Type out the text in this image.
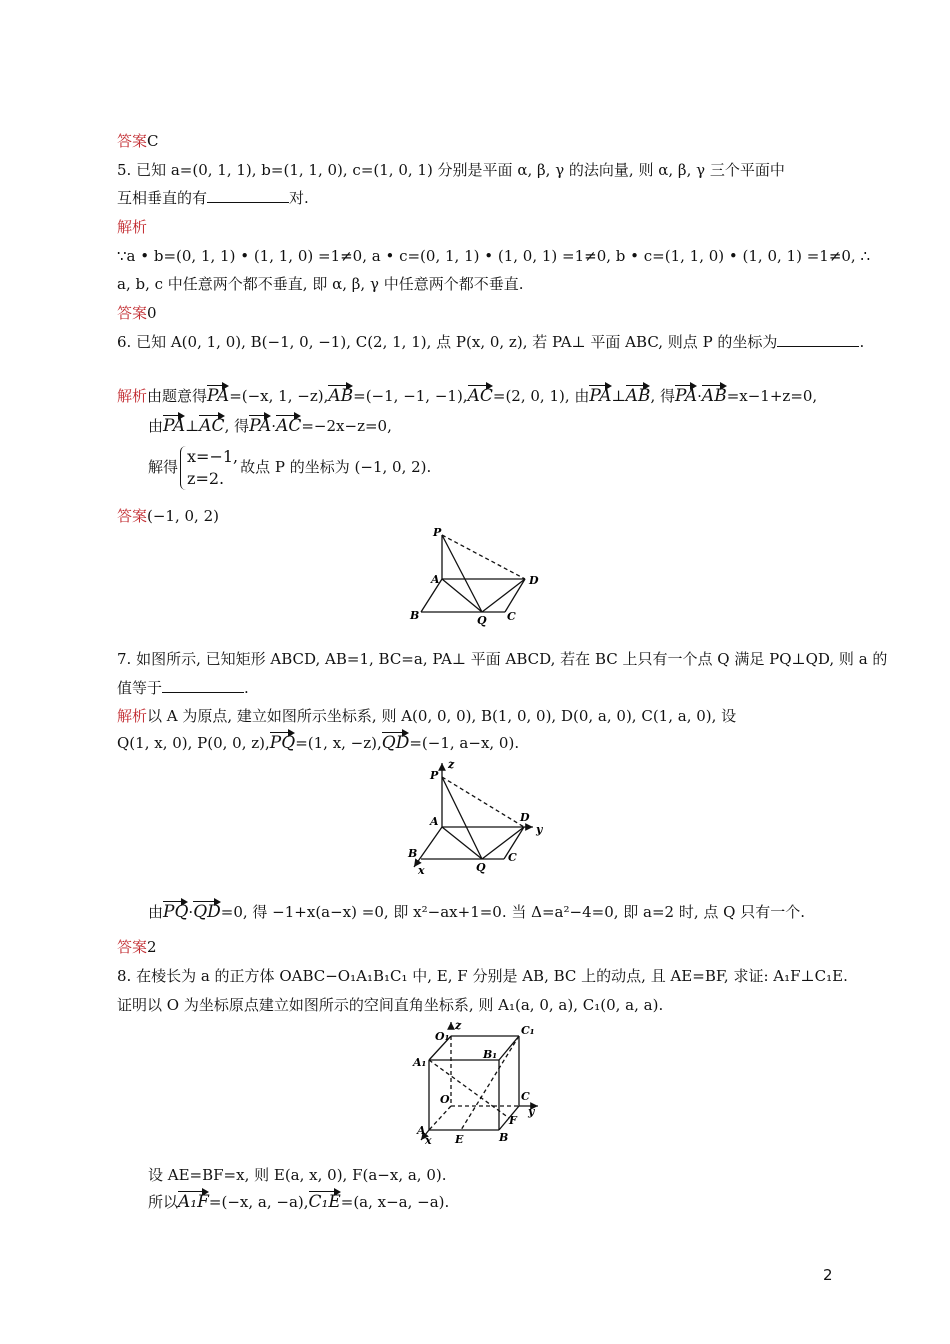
答案C
5. 已知 a=(0, 1, 1), b=(1, 1, 0), c=(1, 0, 1) 分别是平面 α, β, γ 的法向量, 则 α, β, γ 三个平面中
互相垂直的有	对.
解析
∵a • b=(0, 1, 1) • (1, 1, 0) =1≠0, a • c=(0, 1, 1) • (1, 0, 1) =1≠0, b • c=(1, 1, 0) • (1, 0, 1) =1≠0, ∴
a, b, c 中任意两个都不垂直, 即 α, β, γ 中任意两个都不垂直.
答案0
6. 已知 A(0, 1, 0), B(−1, 0, −1), C(2, 1, 1), 点 P(x, 0, z), 若 PA⊥ 平面 ABC, 则点 P 的坐标为	.
解析由题意得PA=(−x, 1, −z),AB=(−1, −1, −1),AC=(2, 0, 1), 由PA⊥AB, 得PA·AB=x−1+z=0,
由PA⊥AC, 得PA·AC=−2x−z=0,
解得
x=−1,
z=2.
故点 P 的坐标为 (−1, 0, 2).
答案(−1, 0, 2)
P
A
B	Q C
D
7. 如图所示, 已知矩形 ABCD, AB=1, BC=a, PA⊥ 平面 ABCD, 若在 BC 上只有一个点 Q 满足 PQ⊥QD, 则 a 的
值等于	.
解析以 A 为原点, 建立如图所示坐标系, 则 A(0, 0, 0), B(1, 0, 0), D(0, a, 0), C(1, a, 0), 设
Q(1, x, 0), P(0, 0, z),PQ=(1, x, −z),QD=(−1, a−x, 0).
P
z
A	D
y
B
Q
C
x
由PQ·QD=0, 得 −1+x(a−x) =0, 即 x²−ax+1=0. 当 Δ=a²−4=0, 即 a=2 时, 点 Q 只有一个.
答案2
8. 在棱长为 a 的正方体 OABC−O₁A₁B₁C₁ 中, E, F 分别是 AB, BC 上的动点, 且 AE=BF, 求证: A₁F⊥C₁E.
证明以 O 为坐标原点建立如图所示的空间直角坐标系, 则 A₁(a, 0, a), C₁(0, a, a).
O₁
z	C₁
B₁
A₁
O	C
y
F
A
x E	B
设 AE=BF=x, 则 E(a, x, 0), F(a−x, a, 0).
所以A₁F=(−x, a, −a),C₁E=(a, x−a, −a).
2
